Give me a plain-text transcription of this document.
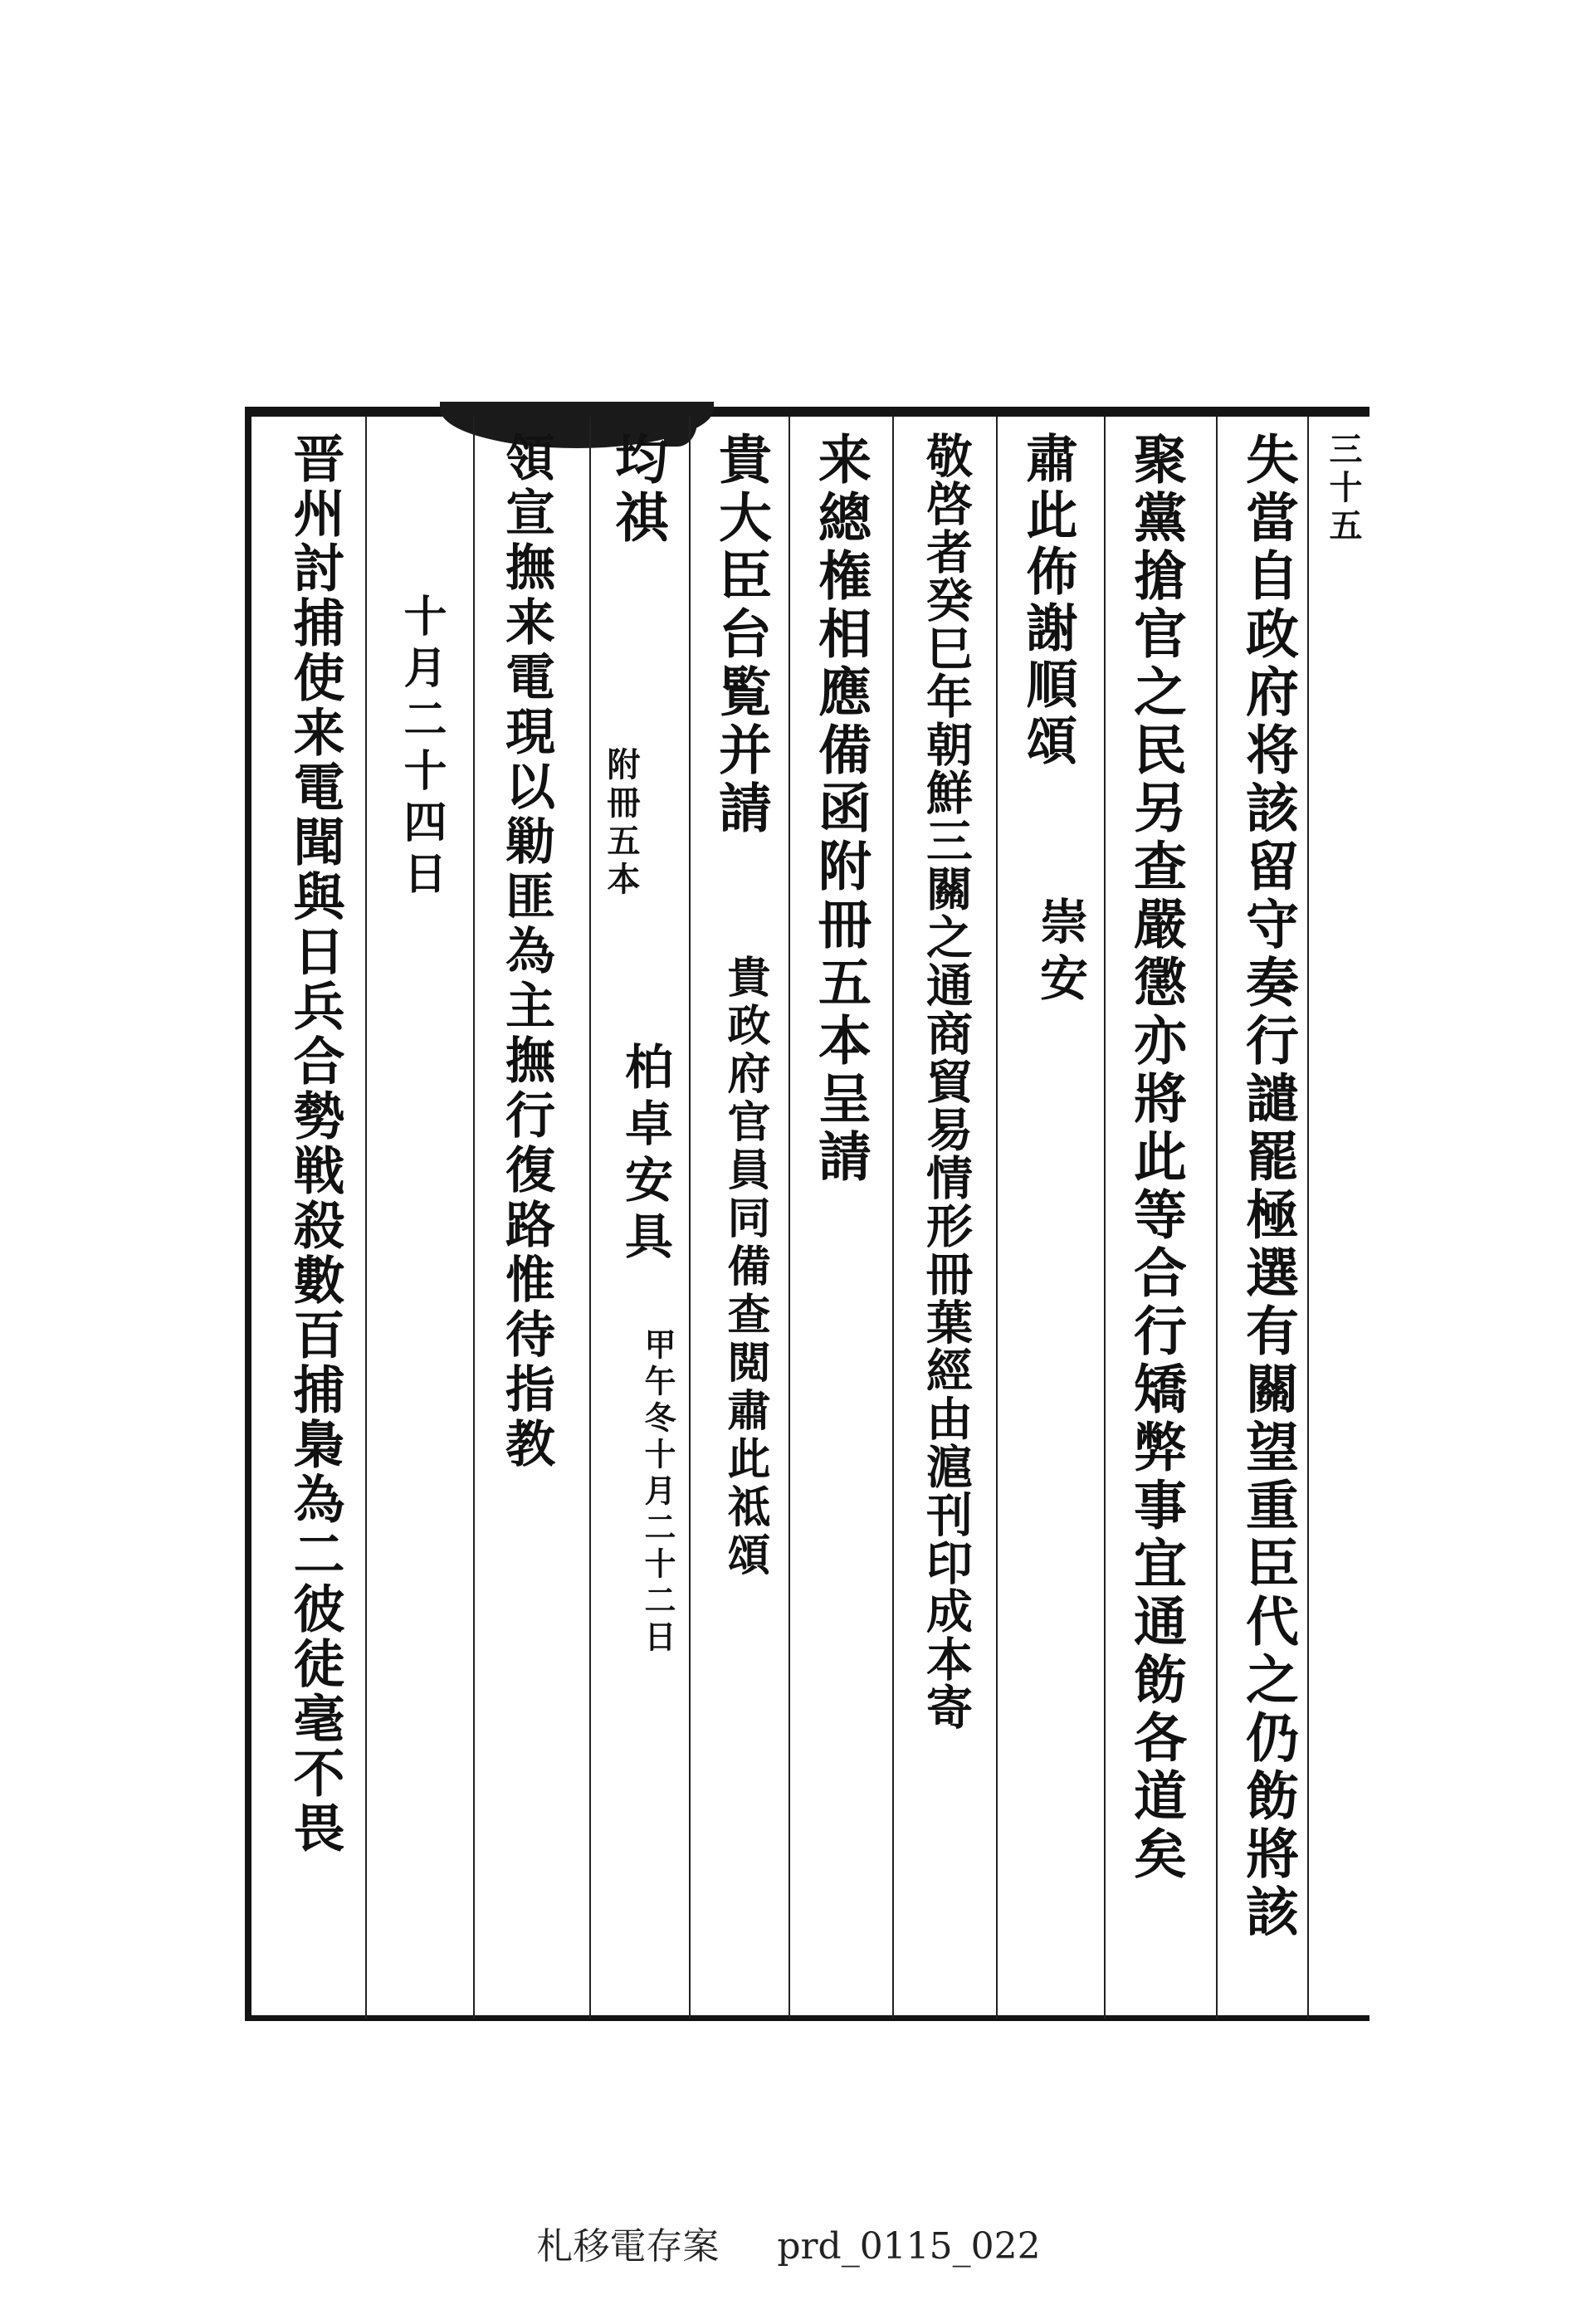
三十五
失當自政府将該留守奏行譴罷極選有關望重臣代之仍飭將該
聚黨搶官之民另查嚴懲亦將此等合行矯弊事宜通飭各道矣
肅此佈謝順頌
崇安
敬啓者癸巳年朝鮮三關之通商貿易情形冊葉經由滬刊印成本寄
来總権相應備函附冊五本呈請
貴大臣台覧并請
貴政府官員同備查閲肅此祗頌
均祺
附冊五本
柏卓安具
甲午冬十月二十二日
領宣撫来電現以勦匪為主撫行復路惟待指教
十月二十四日
晋州討捕使来電聞與日兵合勢戦殺數百捕梟為二彼徒毫不畏
札移電存案 prd_0115_022
